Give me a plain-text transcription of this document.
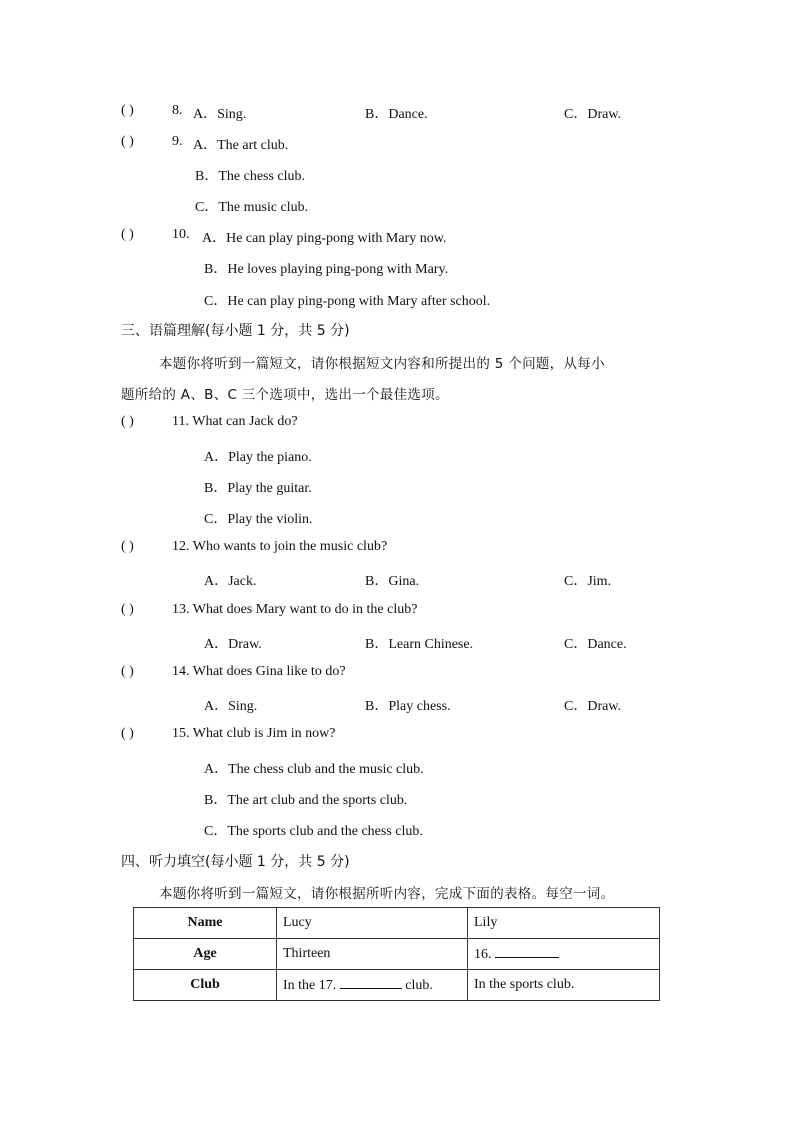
( )	8. A．Sing.	B．Dance.	C．Draw.
( )	9. A．The art club.
B．The chess club.
C．The music club.
( )	10. A．He can play ping-pong with Mary now.
B．He loves playing ping-pong with Mary.
C．He can play ping-pong with Mary after school.
三、语篇理解(每小题 1 分，共 5 分)
本题你将听到一篇短文，请你根据短文内容和所提出的 5 个问题，从每小
题所给的 A、B、C 三个选项中，选出一个最佳选项。
( )	11. What can Jack do?
A．Play the piano.
B．Play the guitar.
C．Play the violin.
( )	12. Who wants to join the music club?
A．Jack.	B．Gina.	C．Jim.
( )	13. What does Mary want to do in the club?
A．Draw.	B．Learn Chinese.	C．Dance.
( )	14. What does Gina like to do?
A．Sing.	B．Play chess.	C．Draw.
( )	15. What club is Jim in now?
A．The chess club and the music club.
B．The art club and the sports club.
C．The sports club and the chess club.
四、听力填空(每小题 1 分，共 5 分)
本题你将听到一篇短文，请你根据所听内容，完成下面的表格。每空一词。
Name	Lucy	Lily
Age	Thirteen	16.
Club	In the 17. club.	In the sports club.
